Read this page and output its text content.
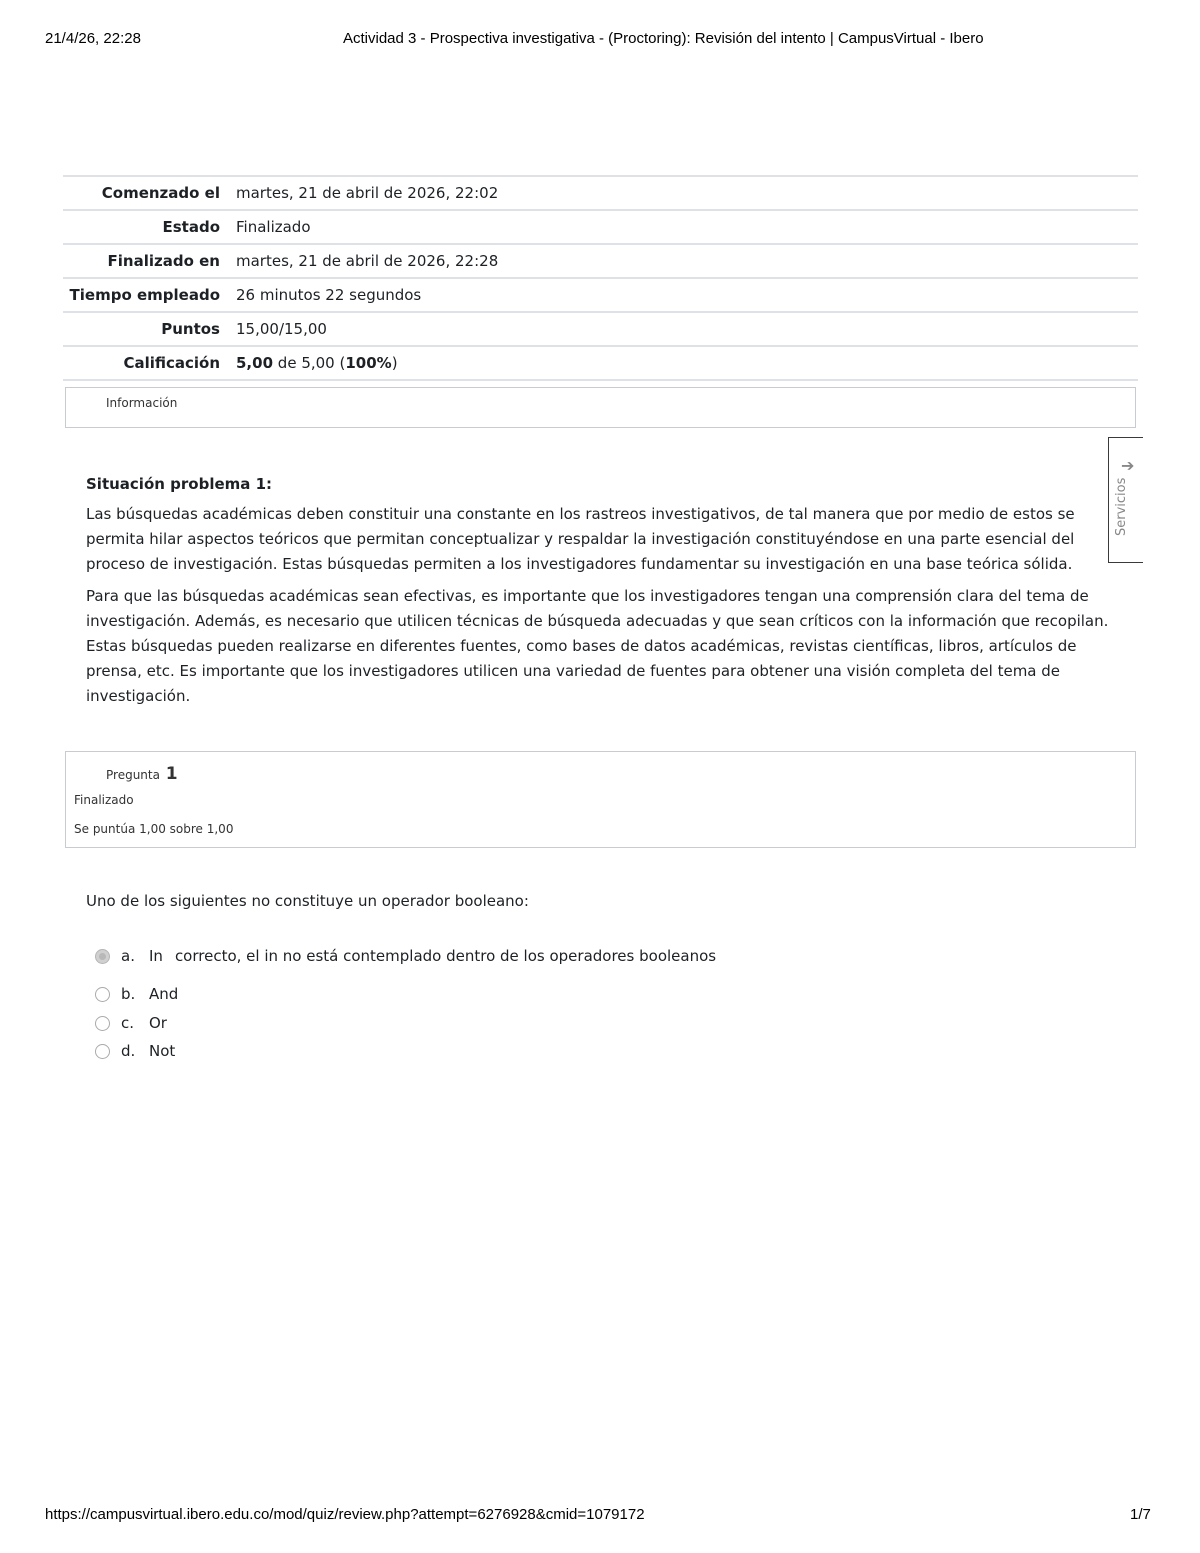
21/4/26, 22:28	Actividad 3 - Prospectiva investigativa - (Proctoring): Revisión del intento | CampusVirtual - Ibero
Comenzado el	martes, 21 de abril de 2026, 22:02
Estado	Finalizado
Finalizado en	martes, 21 de abril de 2026, 22:28
Tiempo empleado	26 minutos 22 segundos
Puntos	15,00/15,00
Calificación	5,00 de 5,00 (100%)
Información
➔
Servicios
Situación problema 1:

Las búsquedas académicas deben constituir una constante en los rastreos investigativos, de tal manera que por medio de estos se permita hilar aspectos teóricos que permitan conceptualizar y respaldar la investigación constituyéndose en una parte esencial del proceso de investigación. Estas búsquedas permiten a los investigadores fundamentar su investigación en una base teórica sólida.

Para que las búsquedas académicas sean efectivas, es importante que los investigadores tengan una comprensión clara del tema de investigación. Además, es necesario que utilicen técnicas de búsqueda adecuadas y que sean críticos con la información que recopilan. Estas búsquedas pueden realizarse en diferentes fuentes, como bases de datos académicas, revistas científicas, libros, artículos de prensa, etc. Es importante que los investigadores utilicen una variedad de fuentes para obtener una visión completa del tema de investigación.

Pregunta 1
Finalizado
Se puntúa 1,00 sobre 1,00
Uno de los siguientes no constituye un operador booleano:
a. In correcto, el in no está contemplado dentro de los operadores booleanos
b. And
c. Or
d. Not
https://campusvirtual.ibero.edu.co/mod/quiz/review.php?attempt=6276928&cmid=1079172	1/7
